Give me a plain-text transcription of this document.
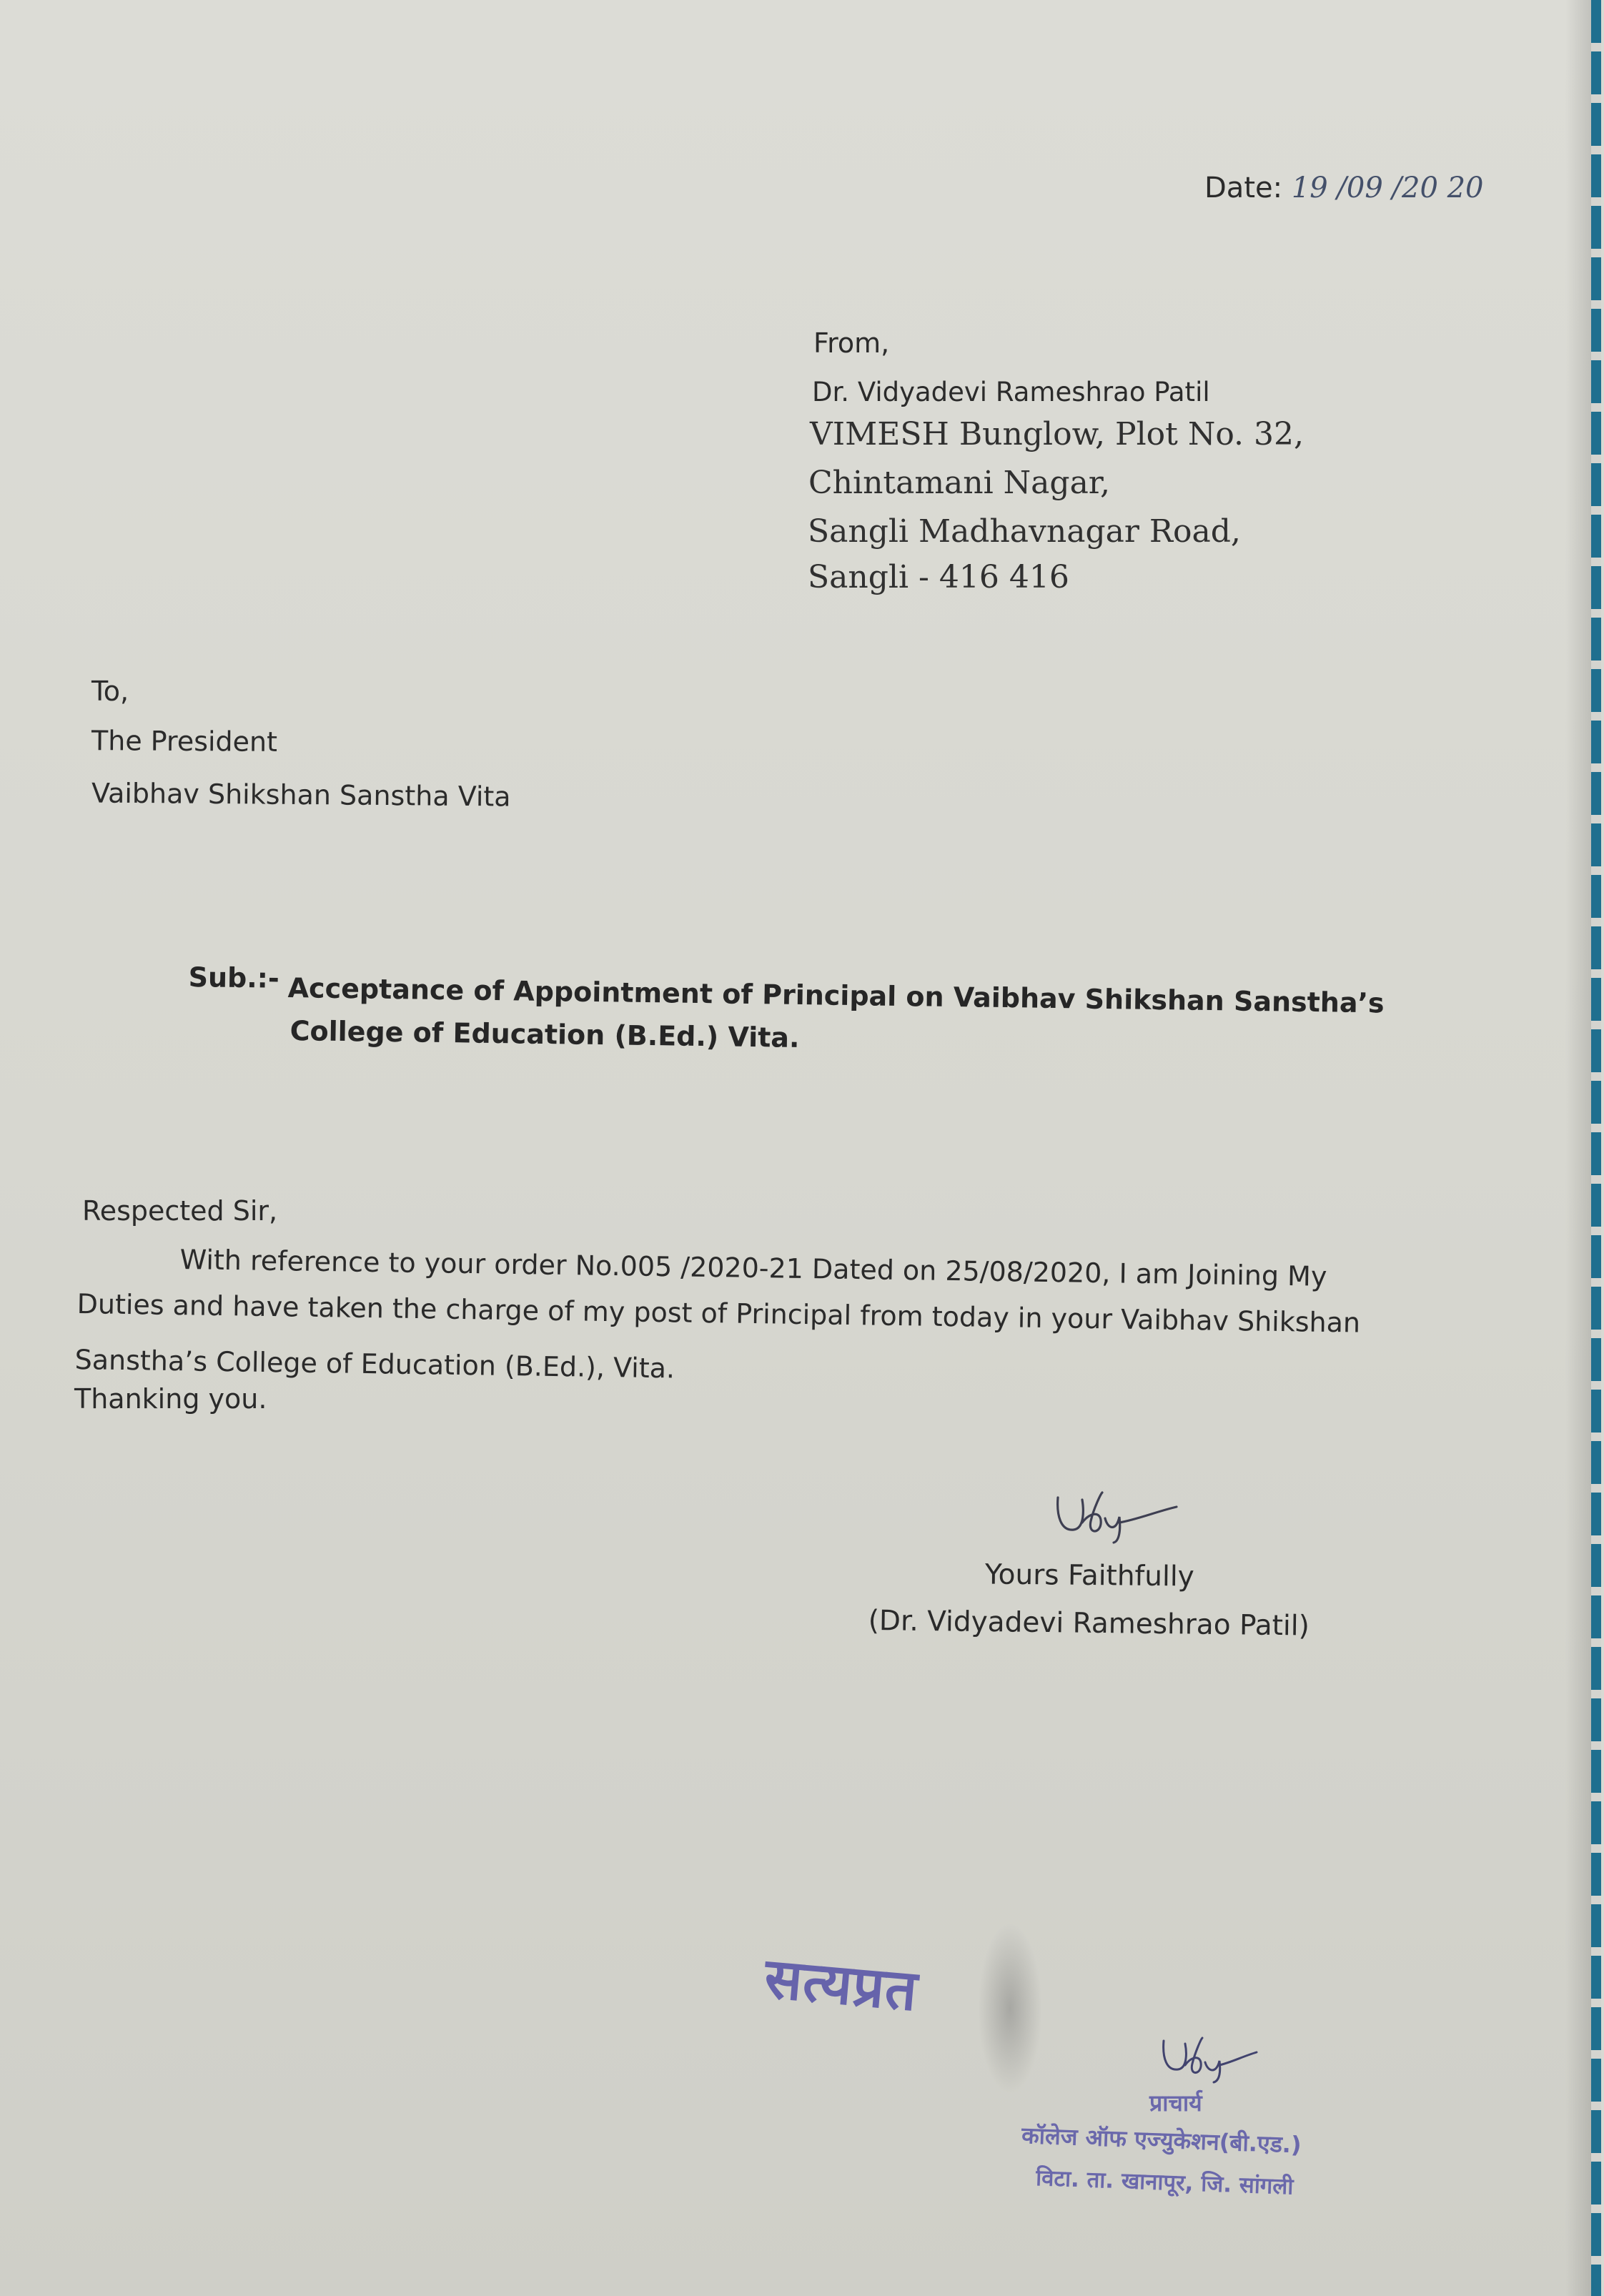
Date: 19 /09 /20 20
From,
Dr. Vidyadevi Rameshrao Patil
VIMESH Bunglow, Plot No. 32,
Chintamani Nagar,
Sangli Madhavnagar Road,
Sangli - 416 416
To,
The President
Vaibhav Shikshan Sanstha Vita
Sub.:- Acceptance of Appointment of Principal on Vaibhav Shikshan Sanstha’s
College of Education (B.Ed.) Vita.
Respected Sir,
With reference to your order No.005 /2020-21 Dated on 25/08/2020, I am Joining My
Duties and have taken the charge of my post of Principal from today in your Vaibhav Shikshan
Sanstha’s College of Education (B.Ed.), Vita.
Thanking you.
Yours Faithfully
(Dr. Vidyadevi Rameshrao Patil)
सत्यप्रत
प्राचार्य
कॉलेज ऑफ एज्युकेशन(बी.एड.)
विटा. ता. खानापूर, जि. सांगली
